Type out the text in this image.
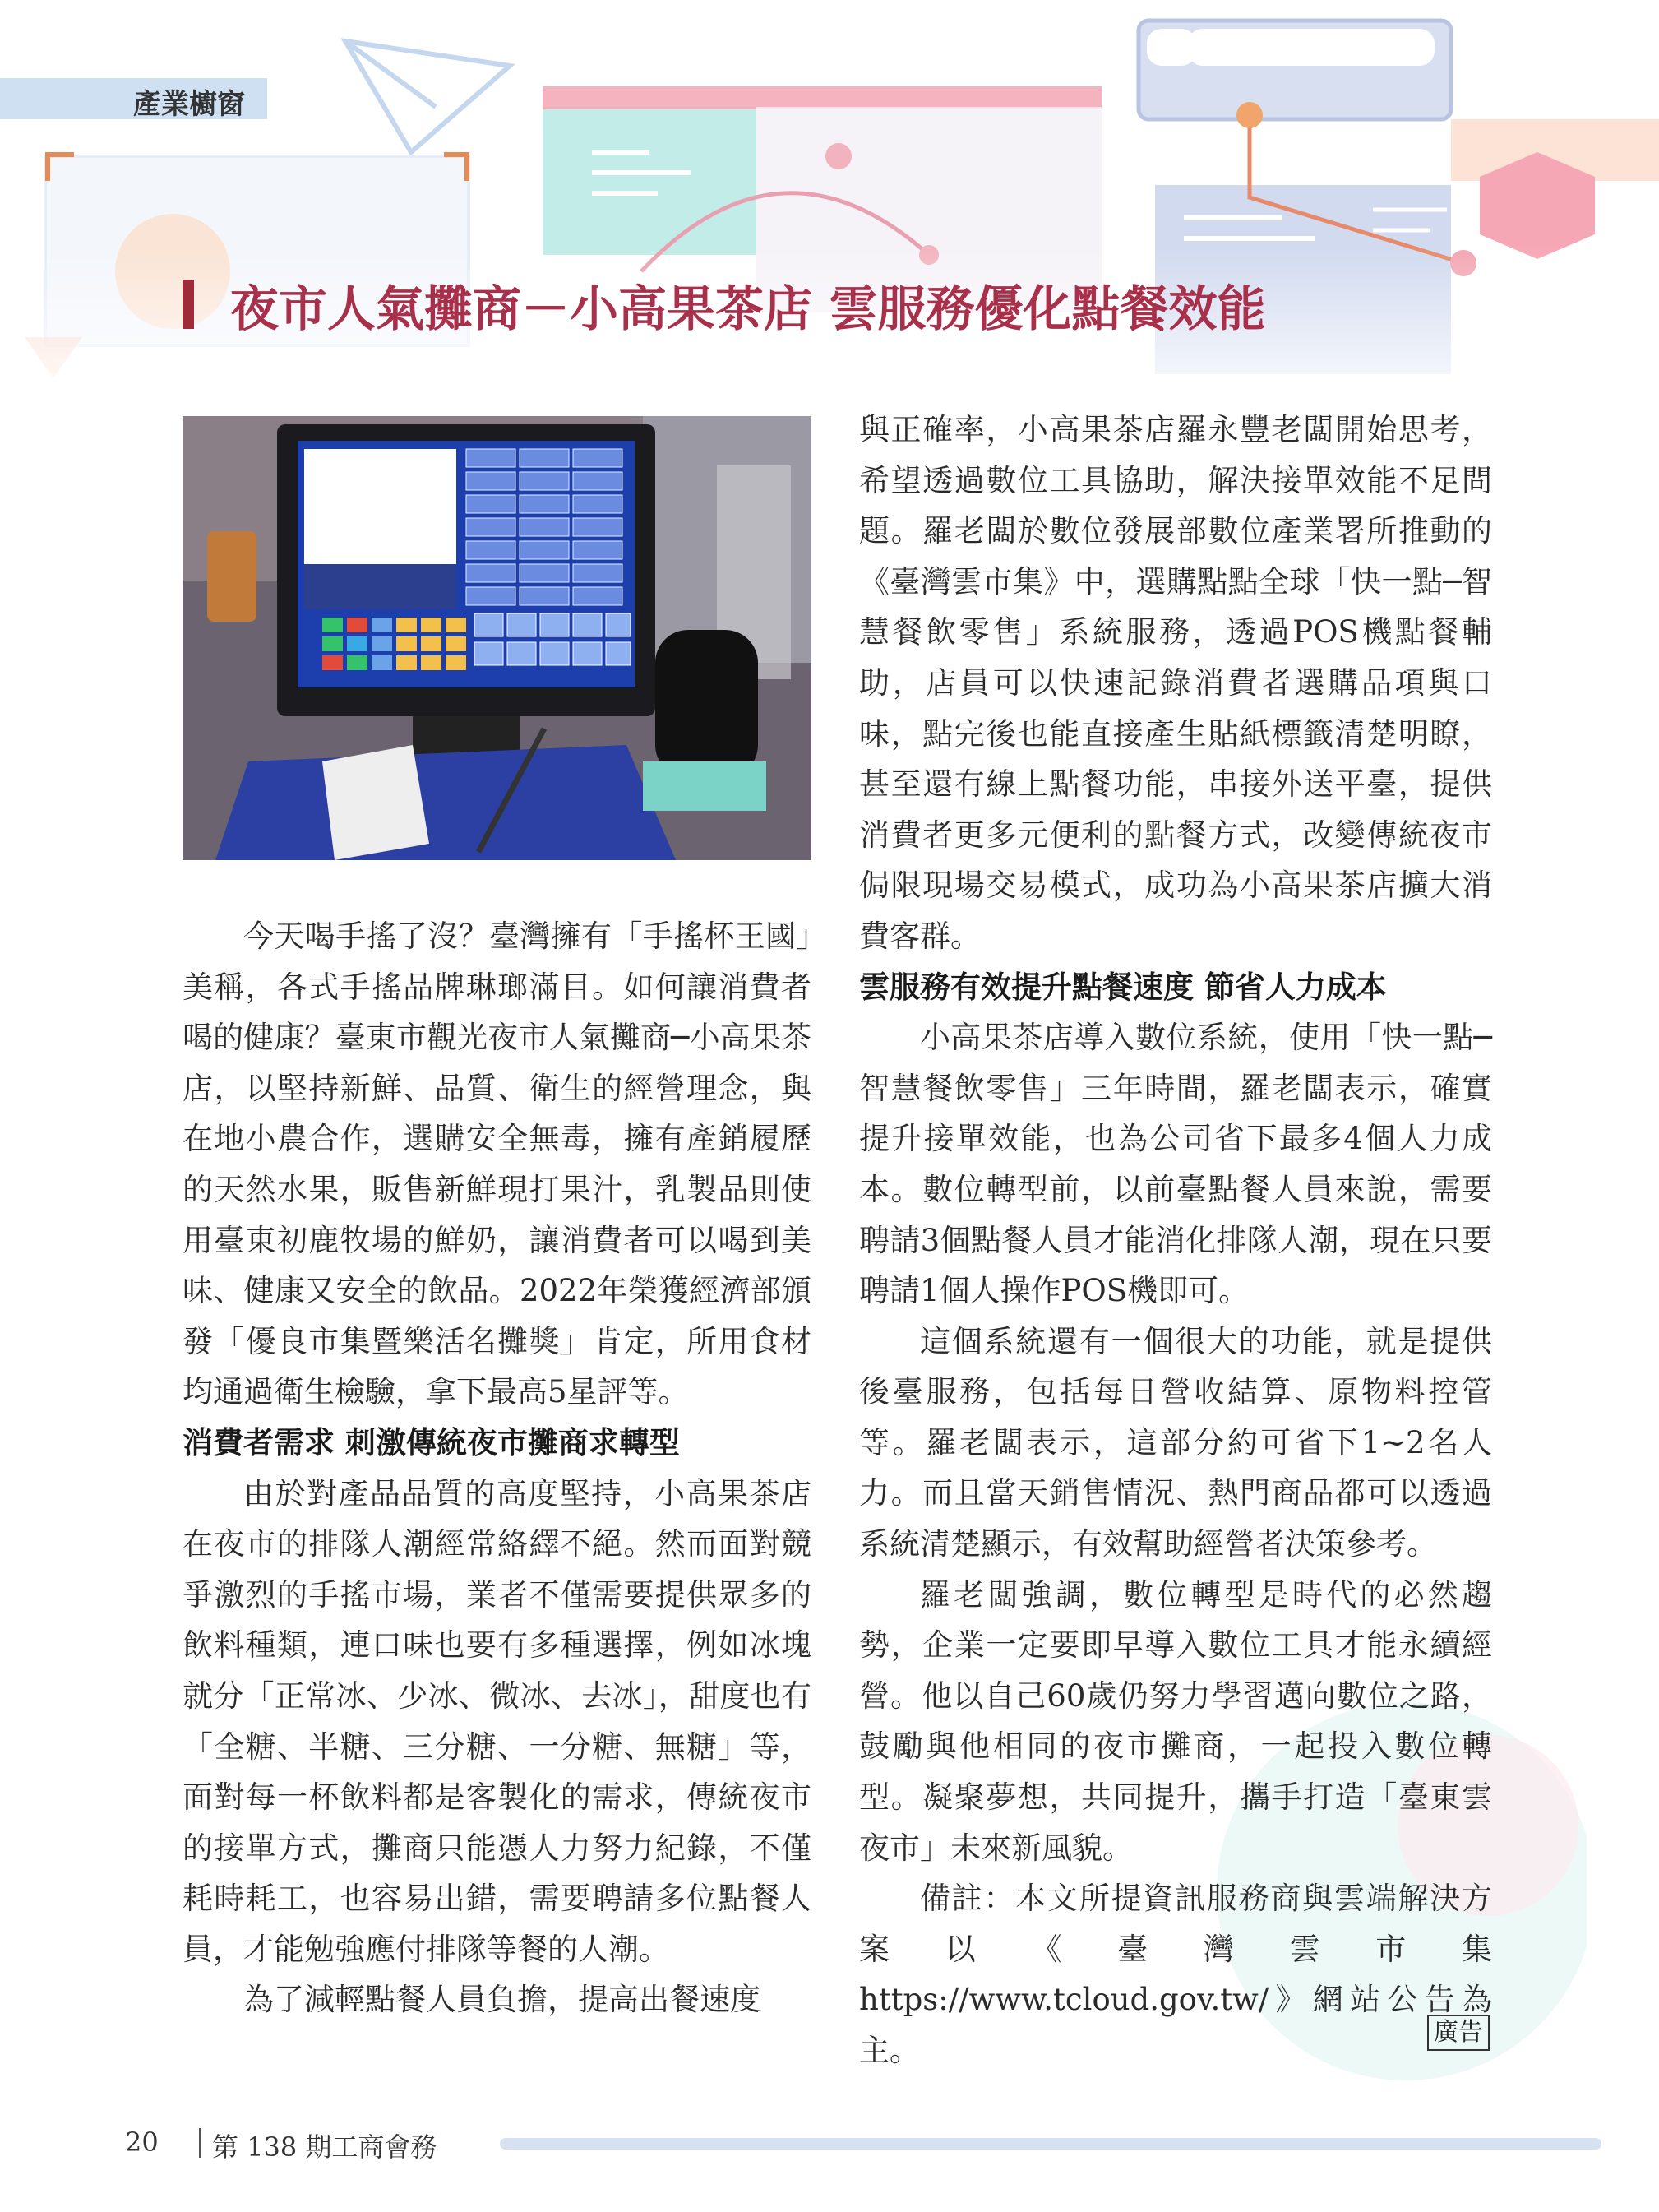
產業櫥窗
夜市人氣攤商－小高果茶店 雲服務優化點餐效能

今天喝手搖了沒？臺灣擁有「手搖杯王國」美稱，各式手搖品牌琳瑯滿目。如何讓消費者喝的健康？臺東市觀光夜市人氣攤商─小高果茶店，以堅持新鮮、品質、衛生的經營理念，與在地小農合作，選購安全無毒，擁有產銷履歷的天然水果，販售新鮮現打果汁，乳製品則使用臺東初鹿牧場的鮮奶，讓消費者可以喝到美味、健康又安全的飲品。2022年榮獲經濟部頒發「優良市集暨樂活名攤獎」肯定，所用食材均通過衛生檢驗，拿下最高5星評等。

消費者需求 刺激傳統夜市攤商求轉型

由於對產品品質的高度堅持，小高果茶店在夜市的排隊人潮經常絡繹不絕。然而面對競爭激烈的手搖市場，業者不僅需要提供眾多的飲料種類，連口味也要有多種選擇，例如冰塊就分「正常冰、少冰、微冰、去冰」，甜度也有「全糖、半糖、三分糖、一分糖、無糖」等，面對每一杯飲料都是客製化的需求，傳統夜市的接單方式，攤商只能憑人力努力紀錄，不僅耗時耗工，也容易出錯，需要聘請多位點餐人員，才能勉強應付排隊等餐的人潮。

為了減輕點餐人員負擔，提高出餐速度

與正確率，小高果茶店羅永豐老闆開始思考，希望透過數位工具協助，解決接單效能不足問題。羅老闆於數位發展部數位產業署所推動的《臺灣雲市集》中，選購點點全球「快一點─智慧餐飲零售」系統服務，透過POS機點餐輔助，店員可以快速記錄消費者選購品項與口味，點完後也能直接產生貼紙標籤清楚明瞭，甚至還有線上點餐功能，串接外送平臺，提供消費者更多元便利的點餐方式，改變傳統夜市侷限現場交易模式，成功為小高果茶店擴大消費客群。

雲服務有效提升點餐速度 節省人力成本

小高果茶店導入數位系統，使用「快一點─智慧餐飲零售」三年時間，羅老闆表示，確實提升接單效能，也為公司省下最多4個人力成本。數位轉型前，以前臺點餐人員來說，需要聘請3個點餐人員才能消化排隊人潮，現在只要聘請1個人操作POS機即可。

這個系統還有一個很大的功能，就是提供後臺服務，包括每日營收結算、原物料控管等。羅老闆表示，這部分約可省下1~2名人力。而且當天銷售情況、熱門商品都可以透過系統清楚顯示，有效幫助經營者決策參考。

羅老闆強調，數位轉型是時代的必然趨勢，企業一定要即早導入數位工具才能永續經營。他以自己60歲仍努力學習邁向數位之路，鼓勵與他相同的夜市攤商，一起投入數位轉型。凝聚夢想，共同提升，攜手打造「臺東雲夜市」未來新風貌。

備註：本文所提資訊服務商與雲端解決方案以《臺灣雲市集 https://www.tcloud.gov.tw/》網站公告為主。

廣告
20 第 138 期工商會務
